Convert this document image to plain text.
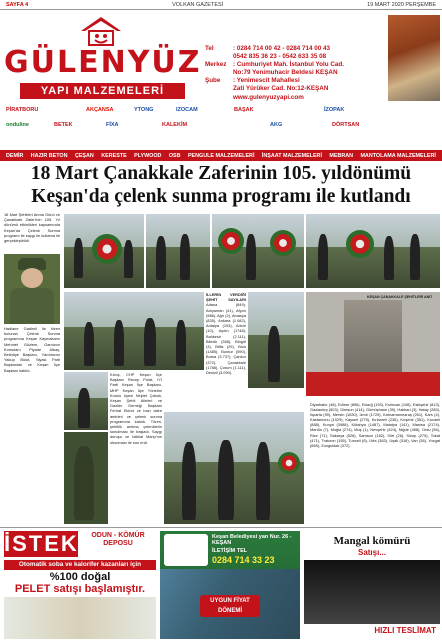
SAYFA 4	VOLKAN GAZETESİ	19 MART 2020 PERŞEMBE
GÜLENYÜZ
YAPI MALZEMELERİ
Tel	: 0284 714 00 42 - 0284 714 00 43
0542 835 36 23 - 0542 633 35 08
Merkez	: Cumhuriyet Mah. İstanbul Yolu Cad.
No:79 Yenimuhacir Beldesi KEŞAN
Şube	: Yenimescit Mahallesi
Zati Yürüker Cad. No:12-KEŞAN
www.gulenyuzyapi.com
PİRATBORU	AKÇANSA	YTONG	IZOCAM	BAŞAK	İZOPAK
onduline	BETEK	FİXA	KALEKİM	AKG	DÖRTSAN
DEMİR HAZIR BETON ÇEŞAN KERESTE PLYWOOD OSB PENGULE MALZEMELERİ İNŞAAT MALZEMELERİ MEBRAN MANTOLAMA MALZEMELERİ
18 Mart Çanakkale Zaferinin 105. yıldönümü
Keşan'da çelenk sunma programı ile kutlandı
18 Mart Şehitleri Anma Günü ve Çanakkale Zaferi'nin 105. Yıl dönümü etkinlikleri kapsamında Keşan'da Çelenk Sunma programı ile saygı ile kutlama ile gerçekleştirildi.
Hadiane Gadimli ile tören bulunan Çelenk Sunma programına Keşan Kaymakamı Mehmet Gözlem, Garnizon Komutanı Piyade Albay, Belediye Başkanı, Yardımcısı Yakup Bulut, Siyasi Parti Başkanları ve Keşan İlçe Başkanı katıldı.
İLLERİN VERDİĞİ ŞEHİT SAYILARI Adana (849), Adıyaman (41), Afyon (986), Ağrı (2), Amasya (835), Ankara (1.082), Antalya (193), Artvin (10), Aydın (1748), Balıkesir (2.111), Bilecik (358), Bingöl (3), Bitlis (29), Bolu (1485), Burdur (590), Bursa (3.737), Çankırı (372), Çanakkale (1788), Çorum (1.111), Denizli (3.090).
KEŞAN ÇANAKKALE ŞEHİTLERİ ANIT
Kılınç, CHP Keşan İlçe Başkanı Recep Polat, İYİ Parti Keşan İlçe Başkanı, MHP Keşan İlçe Yönetim Kurulu üyesi Nejdet Çabuk, Keşan Şehit Aileleri ve Gaziler Derneği Başkanı Ferhat Ekinci ve bazı daire amirleri ve çelenk sunma programına katıldı. Tören, şehitlik anıtına çelenklerin sunulması ile başladı. Saygı duruşu ve İstiklal Marşı'nın okunması ile son erdi.
Diyarbakır (48), Edirne (896), Elazığ (193), Erzincan (106), Eskişehir (813), Gaziantep (503), Giresun (414), Gümüşhane (39), Hakkari (3), Hatay (285), Isparta (90), Mersin (1630), İzmir (1729), Kahramanmaraş (261), Kars (4), Kastamonu (1929), Kayseri (275), Kırklareli (236), Kırşehir (351), Kocaeli (888), Konya (3988), Kütahya (1487), Malatya (141), Manisa (2174), Mardin (7), Muğla (274), Muş (1), Nevşehir (424), Niğde (458), Ordu (56), Rize (71), Sakarya (526), Samsun (182), Siirt (26), Sinop (275), Tokat (471), Trabzon (155), Tunceli (6), Urfa (383), Uşak (318), Van (36), Yozgat (665), Zonguldak (372).
İSTEK	ODUN - KÖMÜR DEPOSU
Otomatik soba ve kalorifer kazanları için
%100 doğal
PELET satışı başlamıştır.
Keşan Belediyesi yan Nur. 26 - KEŞAN
İLETİŞİM TEL
0284 714 33 23
UYGUN FİYAT DÖNEMİ
Mangal kömürü
Satışı...
HIZLI TESLİMAT
